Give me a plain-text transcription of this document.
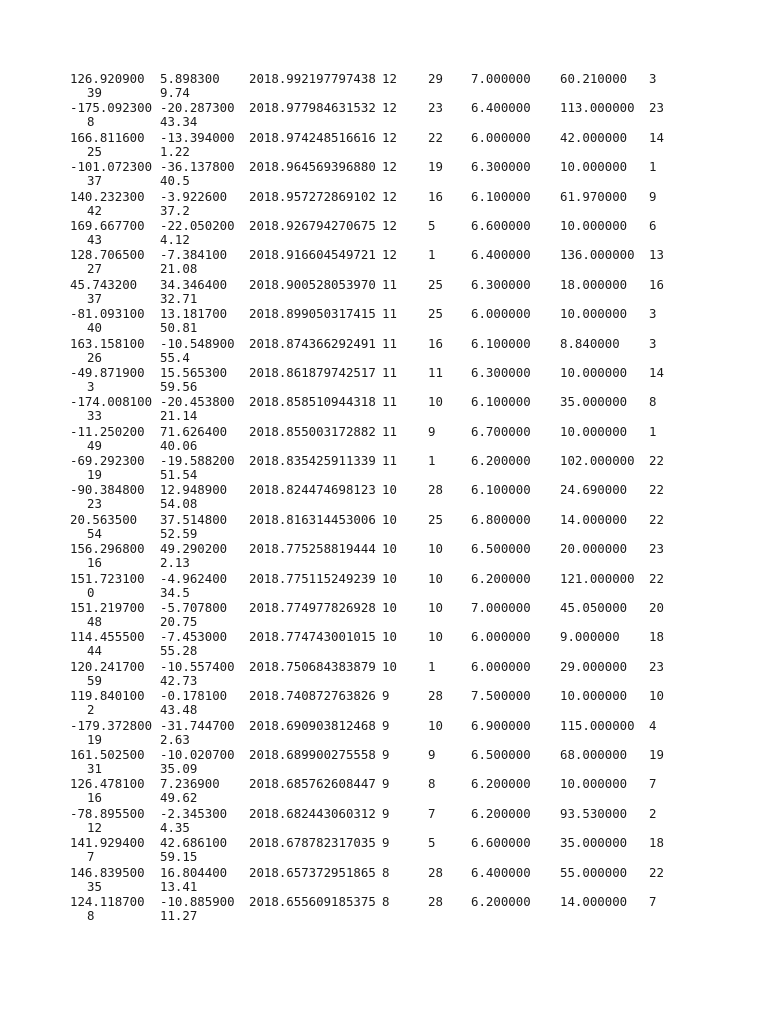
126.920900 5.898300 2018.992197797438 12	29 7.000000 60.210000 3
39	9.74
-175.092300 -20.287300 2018.977984631532 12	23 6.400000 113.000000 23
8	43.34
166.811600 -13.394000 2018.974248516616 12	22 6.000000 42.000000 14
25	1.22
-101.072300 -36.137800 2018.964569396880 12	19 6.300000 10.000000 1
37	40.5
140.232300 -3.922600 2018.957272869102 12	16 6.100000 61.970000 9
42	37.2
169.667700 -22.050200 2018.926794270675 12	5	6.600000 10.000000 6
43	4.12
128.706500 -7.384100 2018.916604549721 12	1	6.400000 136.000000 13
27	21.08
45.743200 34.346400 2018.900528053970 11	25 6.300000 18.000000 16
37	32.71
-81.093100 13.181700 2018.899050317415 11	25 6.000000 10.000000 3
40	50.81
163.158100 -10.548900 2018.874366292491 11	16 6.100000 8.840000 3
26	55.4
-49.871900 15.565300 2018.861879742517 11	11 6.300000 10.000000 14
3	59.56
-174.008100 -20.453800 2018.858510944318 11	10 6.100000 35.000000 8
33	21.14
-11.250200 71.626400 2018.855003172882 11	9	6.700000 10.000000 1
49	40.06
-69.292300 -19.588200 2018.835425911339 11	1	6.200000 102.000000 22
19	51.54
-90.384800 12.948900 2018.824474698123 10	28 6.100000 24.690000 22
23	54.08
20.563500 37.514800 2018.816314453006 10	25 6.800000 14.000000 22
54	52.59
156.296800 49.290200 2018.775258819444 10	10 6.500000 20.000000 23
16	2.13
151.723100 -4.962400 2018.775115249239 10	10 6.200000 121.000000 22
0	34.5
151.219700 -5.707800 2018.774977826928 10	10 7.000000 45.050000 20
48	20.75
114.455500 -7.453000 2018.774743001015 10	10 6.000000 9.000000 18
44	55.28
120.241700 -10.557400 2018.750684383879 10	1	6.000000 29.000000 23
59	42.73
119.840100 -0.178100 2018.740872763826 9	28 7.500000 10.000000 10
2	43.48
-179.372800 -31.744700 2018.690903812468 9	10 6.900000 115.000000 4
19	2.63
161.502500 -10.020700 2018.689900275558 9	9	6.500000 68.000000 19
31	35.09
126.478100 7.236900 2018.685762608447 9	8	6.200000 10.000000 7
16	49.62
-78.895500 -2.345300 2018.682443060312 9	7	6.200000 93.530000 2
12	4.35
141.929400 42.686100 2018.678782317035 9	5	6.600000 35.000000 18
7	59.15
146.839500 16.804400 2018.657372951865 8	28 6.400000 55.000000 22
35	13.41
124.118700 -10.885900 2018.655609185375 8	28 6.200000 14.000000 7
8	11.27
